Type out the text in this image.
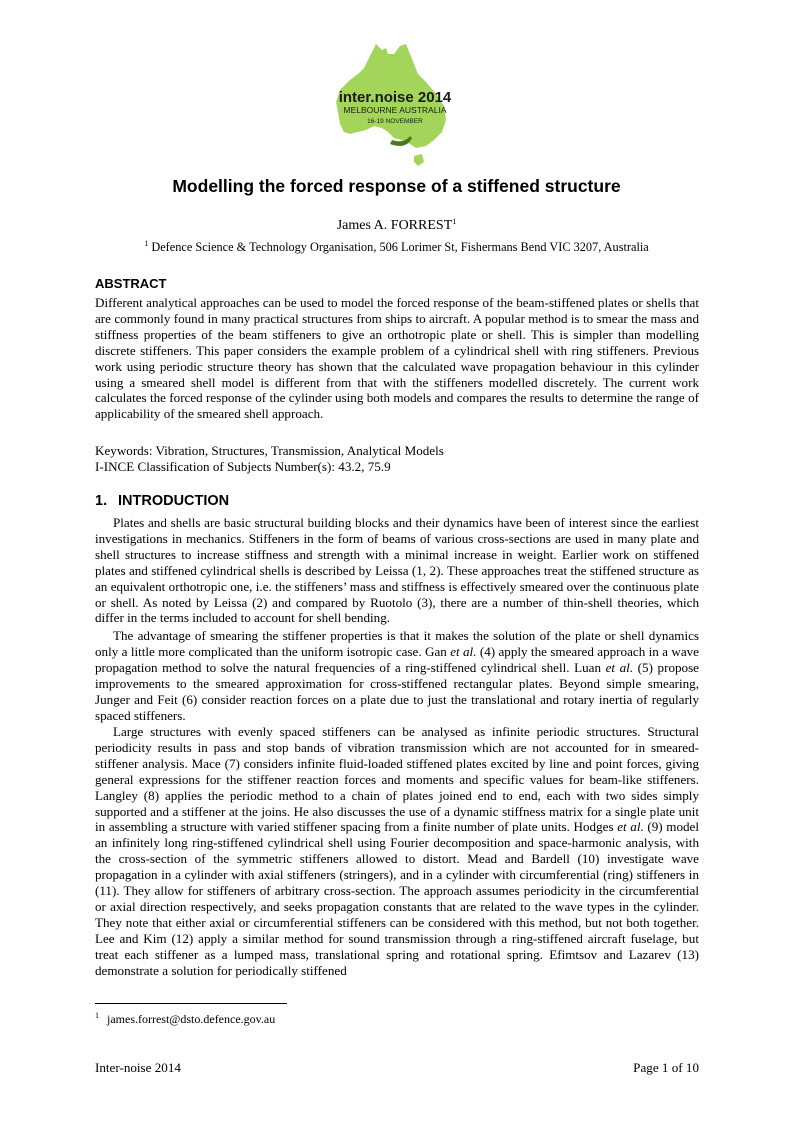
inter.noise 2014
MELBOURNE AUSTRALIA
16-19 NOVEMBER
Modelling the forced response of a stiffened structure
James A. FORREST$^1$
$^1$ Defence Science & Technology Organisation, 506 Lorimer St, Fishermans Bend VIC 3207, Australia
ABSTRACT

Different analytical approaches can be used to model the forced response of the beam-stiffened plates or shells that are commonly found in many practical structures from ships to aircraft. A popular method is to smear the mass and stiffness properties of the beam stiffeners to give an orthotropic plate or shell. This is simpler than modelling discrete stiffeners. This paper considers the example problem of a cylindrical shell with ring stiffeners. Previous work using periodic structure theory has shown that the calculated wave propagation behaviour in this cylinder using a smeared shell model is different from that with the stiffeners modelled discretely. The current work calculates the forced response of the cylinder using both models and compares the results to determine the range of applicability of the smeared shell approach.

Keywords: Vibration, Structures, Transmission, Analytical Models
I-INCE Classification of Subjects Number(s): 43.2, 75.9
1. INTRODUCTION

Plates and shells are basic structural building blocks and their dynamics have been of interest since the earliest investigations in mechanics. Stiffeners in the form of beams of various cross-sections are used in many plate and shell structures to increase stiffness and strength with a minimal increase in weight. Earlier work on stiffened plates and stiffened cylindrical shells is described by Leissa (1, 2). These approaches treat the stiffened structure as an equivalent orthotropic one, i.e. the stiffeners’ mass and stiffness is effectively smeared over the continuous plate or shell. As noted by Leissa (2) and compared by Ruotolo (3), there are a number of thin-shell theories, which differ in the terms included to account for shell bending.

The advantage of smearing the stiffener properties is that it makes the solution of the plate or shell dynamics only a little more complicated than the uniform isotropic case. Gan et al. (4) apply the smeared approach in a wave propagation method to solve the natural frequencies of a ring-stiffened cylindrical shell. Luan et al. (5) propose improvements to the smeared approximation for cross-stiffened rectangular plates. Beyond simple smearing, Junger and Feit (6) consider reaction forces on a plate due to just the translational and rotary inertia of regularly spaced stiffeners.

Large structures with evenly spaced stiffeners can be analysed as infinite periodic structures. Structural periodicity results in pass and stop bands of vibration transmission which are not accounted for in smeared-stiffener analysis. Mace (7) considers infinite fluid-loaded stiffened plates excited by line and point forces, giving general expressions for the stiffener reaction forces and moments and specific values for beam-like stiffeners. Langley (8) applies the periodic method to a chain of plates joined end to end, each with two sides simply supported and a stiffener at the joins. He also discusses the use of a dynamic stiffness matrix for a single plate unit in assembling a structure with varied stiffener spacing from a finite number of plate units. Hodges et al. (9) model an infinitely long ring-stiffened cylindrical shell using Fourier decomposition and space-harmonic analysis, with the cross-section of the symmetric stiffeners allowed to distort. Mead and Bardell (10) investigate wave propagation in a cylinder with axial stiffeners (stringers), and in a cylinder with circumferential (ring) stiffeners in (11). They allow for stiffeners of arbitrary cross-section. The approach assumes periodicity in the circumferential or axial direction respectively, and seeks propagation constants that are related to the wave types in the cylinder. They note that either axial or circumferential stiffeners can be considered with this method, but not both together. Lee and Kim (12) apply a similar method for sound transmission through a ring-stiffened aircraft fuselage, but treat each stiffener as a lumped mass, translational spring and rotational spring. Efimtsov and Lazarev (13) demonstrate a solution for periodically stiffened

$^1$ james.forrest@dsto.defence.gov.au
Inter-noise 2014	Page 1 of 10
